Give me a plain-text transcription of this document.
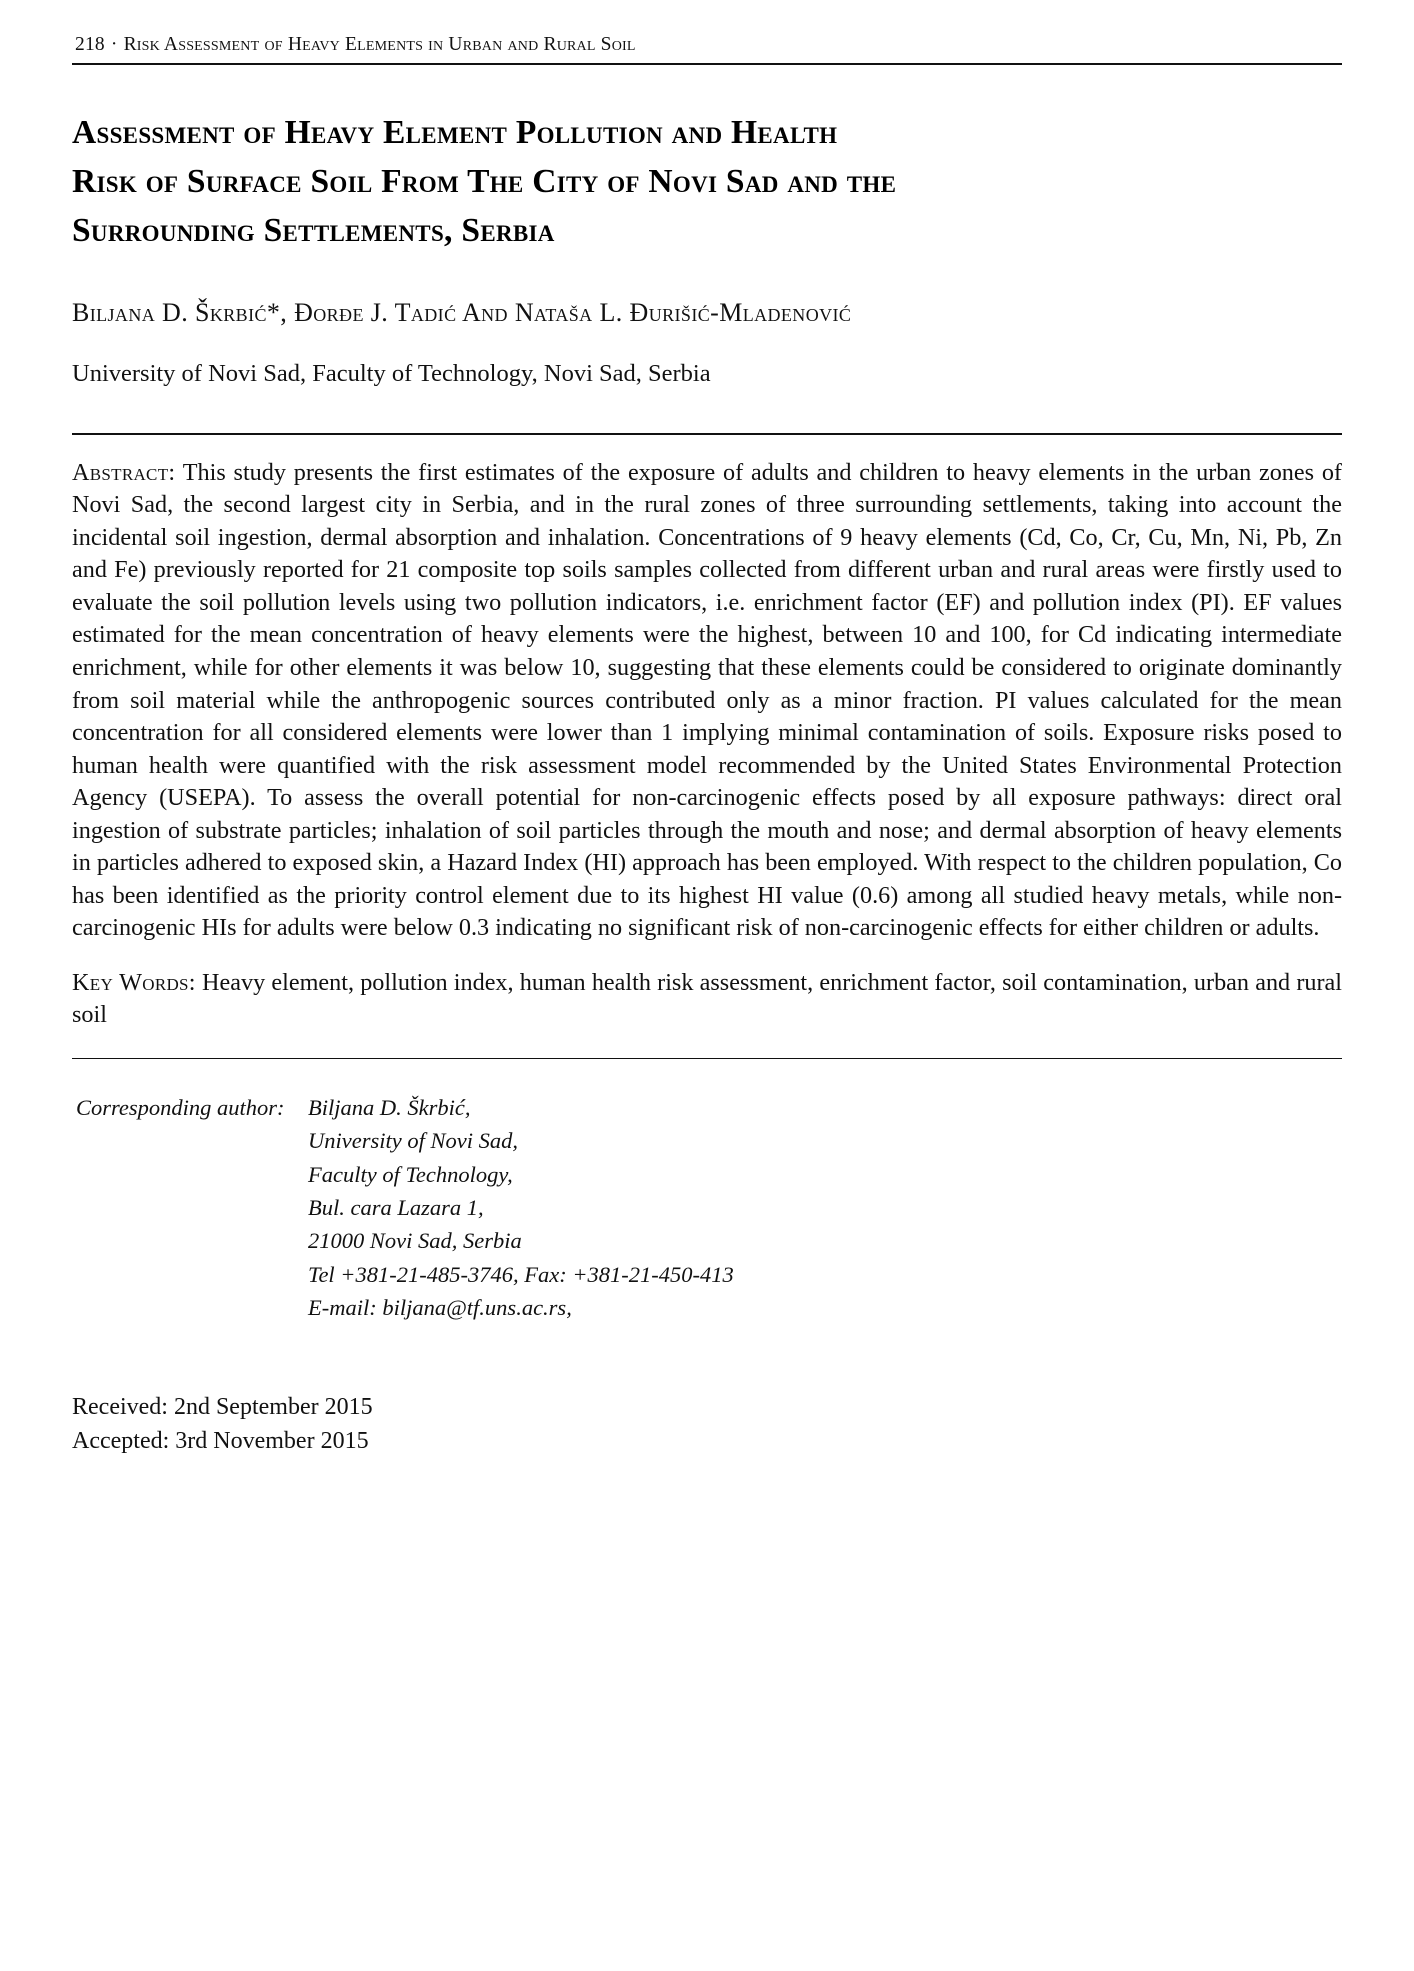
218 · Risk Assessment of Heavy Elements in Urban and Rural Soil
Assessment of Heavy Element Pollution and Health
Risk of Surface Soil From The City of Novi Sad and the
Surrounding Settlements, Serbia
Biljana D. Škrbić*, Đorđe J. Tadić And Nataša L. Đurišić-Mladenović
University of Novi Sad, Faculty of Technology, Novi Sad, Serbia
Abstract: This study presents the first estimates of the exposure of adults and children to heavy elements in the urban zones of Novi Sad, the second largest city in Serbia, and in the rural zones of three surrounding settlements, taking into account the incidental soil ingestion, dermal absorption and inhalation. Concentrations of 9 heavy elements (Cd, Co, Cr, Cu, Mn, Ni, Pb, Zn and Fe) previously reported for 21 composite top soils samples collected from different urban and rural areas were firstly used to evaluate the soil pollution levels using two pollution indicators, i.e. enrichment factor (EF) and pollution index (PI). EF values estimated for the mean concentration of heavy elements were the highest, between 10 and 100, for Cd indicating intermediate enrichment, while for other elements it was below 10, suggesting that these elements could be considered to originate dominantly from soil material while the anthropogenic sources contributed only as a minor fraction. PI values calculated for the mean concentration for all considered elements were lower than 1 implying minimal contamination of soils. Exposure risks posed to human health were quantified with the risk assessment model recommended by the United States Environmental Protection Agency (USEPA). To assess the overall potential for non-carcinogenic effects posed by all exposure pathways: direct oral ingestion of substrate particles; inhalation of soil particles through the mouth and nose; and dermal absorption of heavy elements in particles adhered to exposed skin, a Hazard Index (HI) approach has been employed. With respect to the children population, Co has been identified as the priority control element due to its highest HI value (0.6) among all studied heavy metals, while non-carcinogenic HIs for adults were below 0.3 indicating no significant risk of non-carcinogenic effects for either children or adults.
Key Words: Heavy element, pollution index, human health risk assessment, enrichment factor, soil contamination, urban and rural soil
Corresponding author:	Biljana D. Škrbić,
University of Novi Sad,
Faculty of Technology,
Bul. cara Lazara 1,
21000 Novi Sad, Serbia
Tel +381-21-485-3746, Fax: +381-21-450-413
E-mail: biljana@tf.uns.ac.rs,
Received: 2nd September 2015
Accepted: 3rd November 2015
